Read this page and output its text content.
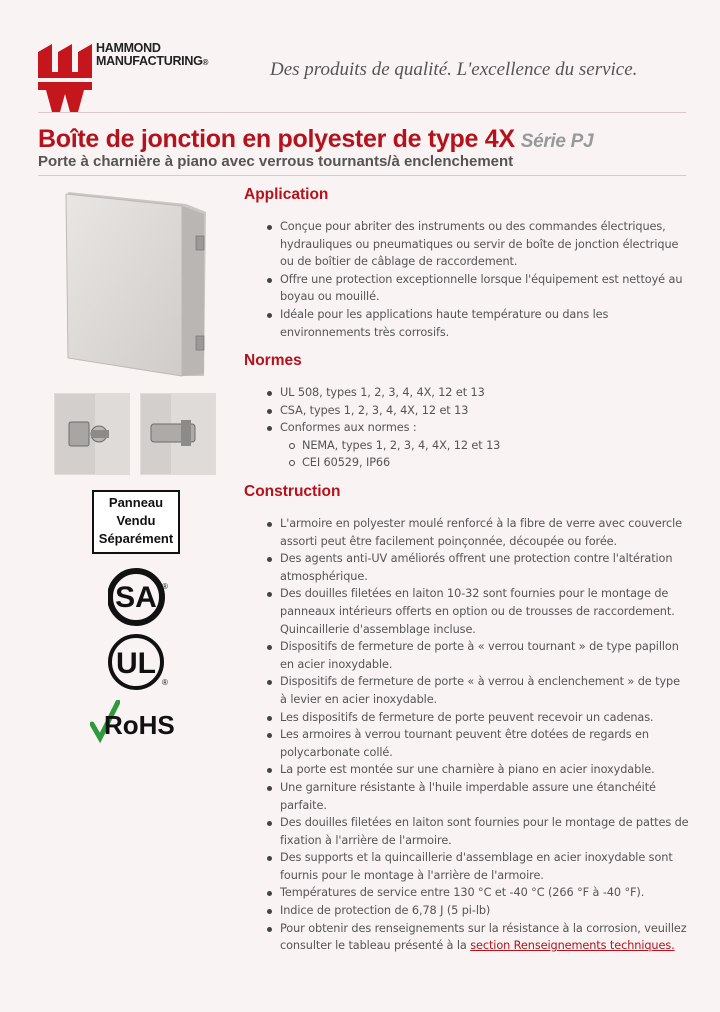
HAMMOND
MANUFACTURING®	Des produits de qualité. L'excellence du service.
Boîte de jonction en polyester de type 4X Série PJ
Porte à charnière à piano avec verrous tournants/à enclenchement
Panneau
Vendu
Séparément
SA ®
UL
®
RoHS
Application
Conçue pour abriter des instruments ou des commandes électriques, hydrauliques ou pneumatiques ou servir de boîte de jonction électrique ou de boîtier de câblage de raccordement.
Offre une protection exceptionnelle lorsque l'équipement est nettoyé au boyau ou mouillé.
Idéale pour les applications haute température ou dans les environnements très corrosifs.
Normes
UL 508, types 1, 2, 3, 4, 4X, 12 et 13
CSA, types 1, 2, 3, 4, 4X, 12 et 13
Conformes aux normes :
NEMA, types 1, 2, 3, 4, 4X, 12 et 13
CEI 60529, IP66
Construction
L'armoire en polyester moulé renforcé à la fibre de verre avec couvercle assorti peut être facilement poinçonnée, découpée ou forée.
Des agents anti-UV améliorés offrent une protection contre l'altération atmosphérique.
Des douilles filetées en laiton 10-32 sont fournies pour le montage de panneaux intérieurs offerts en option ou de trousses de raccordement. Quincaillerie d'assemblage incluse.
Dispositifs de fermeture de porte à « verrou tournant » de type papillon en acier inoxydable.
Dispositifs de fermeture de porte « à verrou à enclenchement » de type à levier en acier inoxydable.
Les dispositifs de fermeture de porte peuvent recevoir un cadenas.
Les armoires à verrou tournant peuvent être dotées de regards en polycarbonate collé.
La porte est montée sur une charnière à piano en acier inoxydable.
Une garniture résistante à l'huile imperdable assure une étanchéité parfaite.
Des douilles filetées en laiton sont fournies pour le montage de pattes de fixation à l'arrière de l'armoire.
Des supports et la quincaillerie d'assemblage en acier inoxydable sont fournis pour le montage à l'arrière de l'armoire.
Températures de service entre 130 °C et -40 °C (266 °F à -40 °F).
Indice de protection de 6,78 J (5 pi-lb)
Pour obtenir des renseignements sur la résistance à la corrosion, veuillez consulter le tableau présenté à la section Renseignements techniques.
